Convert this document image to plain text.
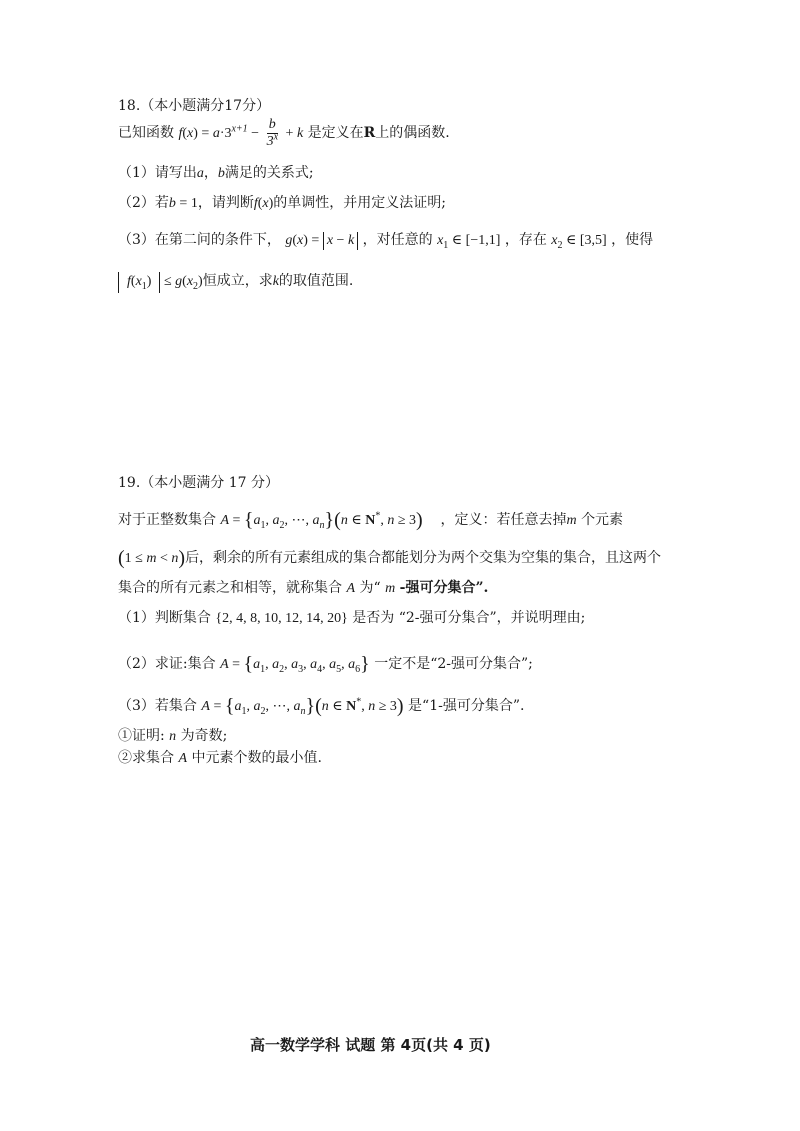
18.（本小题满分17分）
已知函数 $f(x) = a\cdot 3^{x+1} - \frac{b}{3^x} + k$ 是定义在R上的偶函数.
（1）请写出a，b满足的关系式;
（2）若b = 1，请判断f(x)的单调性，并用定义法证明;
（3）在第二问的条件下， g(x) = x − k ，对任意的 $x_1$ ∈ [−1,1] ，存在 $x_2$ ∈ [3,5] ，使得
$f(x_1) \le g(x_2)$恒成立，求k的取值范围.
19.（本小题满分 17 分）
对于正整数集合 $A = \{a_1$, $a_2$, ⋯, $a_n\}(n$ ∈ N*, n ≥ 3) ，定义：若任意去掉m 个元素
(1 ≤ m < n)后，剩余的所有元素组成的集合都能划分为两个交集为空集的集合，且这两个
集合的所有元素之和相等，就称集合 A 为“ m -强可分集合”.
（1）判断集合 {2, 4, 8, 10, 12, 14, 20} 是否为 “2-强可分集合”，并说明理由;
（2）求证:集合 $A = \{a_1$, $a_2$, $a_3$, $a_4$, $a_5$, $a_6$} 一定不是“2-强可分集合”;
（3）若集合 $A = \{a_1$, $a_2$, ⋯, $a_n\}(n$ ∈ N*, n ≥ 3) 是“1-强可分集合”.
①证明: n 为奇数;
②求集合 A 中元素个数的最小值.
高一数学学科 试题 第 4页(共 4 页)
